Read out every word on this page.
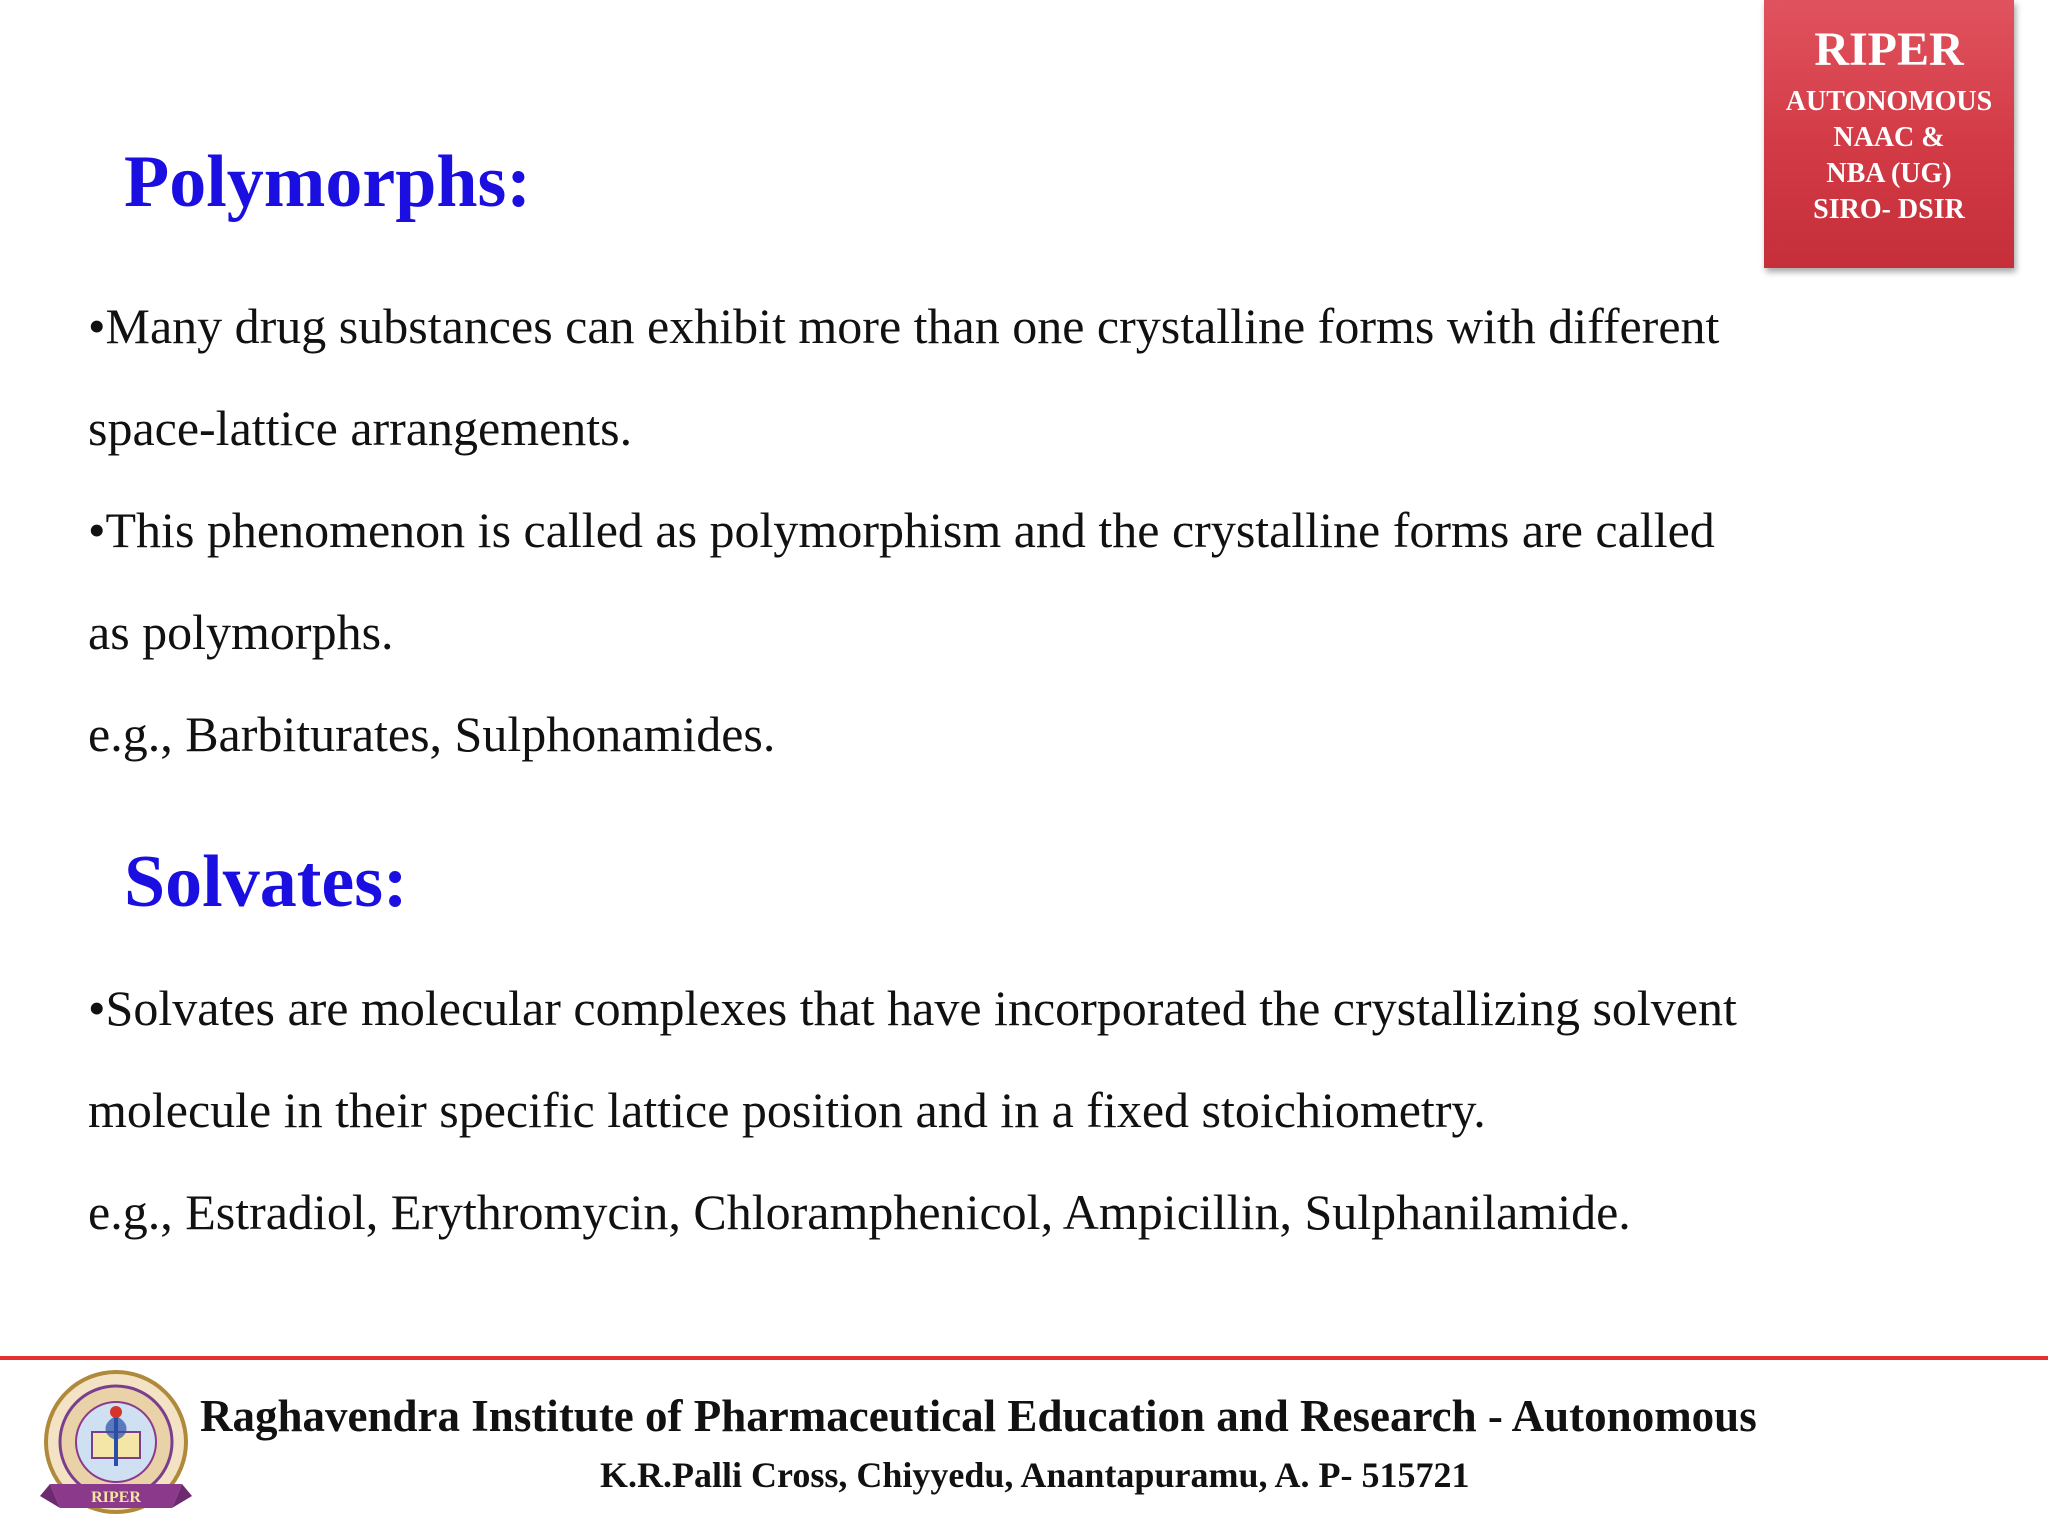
RIPER
AUTONOMOUS
NAAC &
NBA (UG)
SIRO- DSIR
Polymorphs:

•Many drug substances can exhibit more than one crystalline forms with different

space-lattice arrangements.

•This phenomenon is called as polymorphism and the crystalline forms are called

as polymorphs.

e.g., Barbiturates, Sulphonamides.

Solvates:

•Solvates are molecular complexes that have incorporated the crystallizing solvent

molecule in their specific lattice position and in a fixed stoichiometry.

e.g., Estradiol, Erythromycin, Chloramphenicol, Ampicillin, Sulphanilamide.

RIPER

Raghavendra Institute of Pharmaceutical Education and Research - Autonomous

K.R.Palli Cross, Chiyyedu, Anantapuramu, A. P- 515721
